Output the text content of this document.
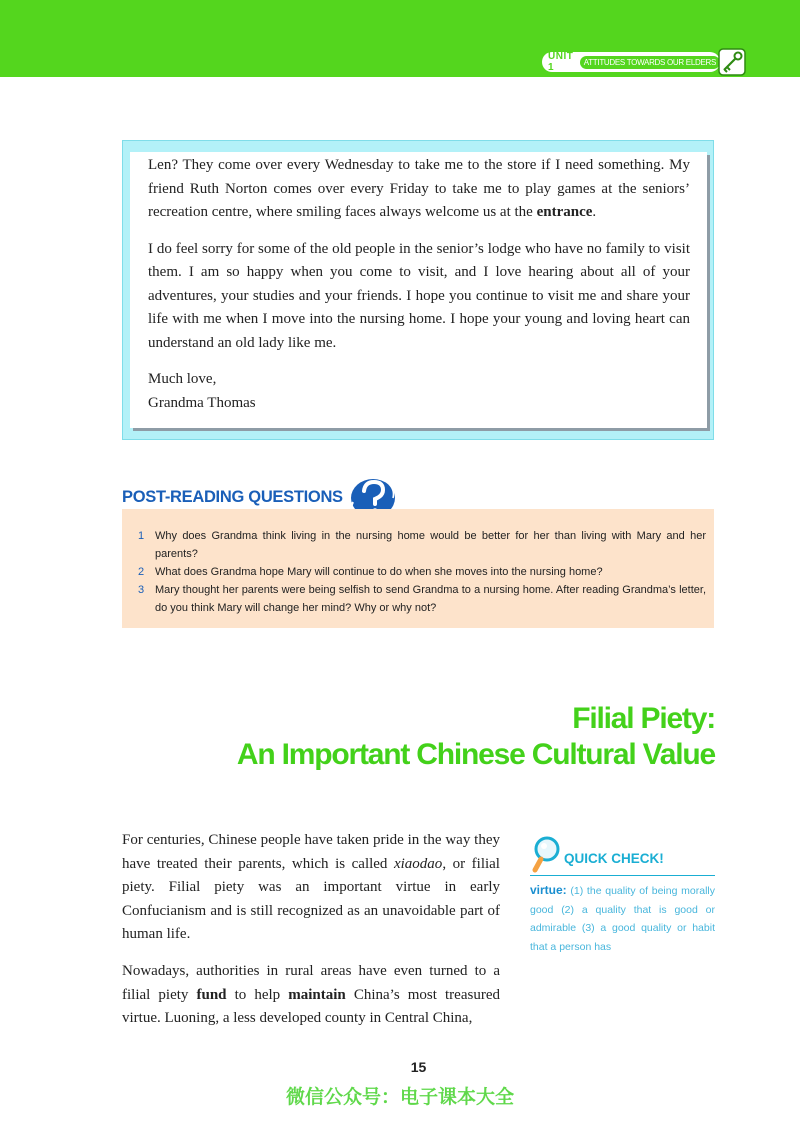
UNIT 1	ATTITUDES TOWARDS OUR ELDERS

Len? They come over every Wednesday to take me to the store if I need something. My friend Ruth Norton comes over every Friday to take me to play games at the seniors’ recreation centre, where smiling faces always welcome us at the entrance.

I do feel sorry for some of the old people in the senior’s lodge who have no family to visit them. I am so happy when you come to visit, and I love hearing about all of your adventures, your studies and your friends. I hope you continue to visit me and share your life with me when I move into the nursing home. I hope your young and loving heart can understand an old lady like me.

Much love,
Grandma Thomas
POST-READING QUESTIONS
1 Why does Grandma think living in the nursing home would be better for her than living with Mary and her parents?
2 What does Grandma hope Mary will continue to do when she moves into the nursing home?
3 Mary thought her parents were being selfish to send Grandma to a nursing home. After reading Grandma’s letter, do you think Mary will change her mind? Why or why not?
Filial Piety:
An Important Chinese Cultural Value

For centuries, Chinese people have taken pride in the way they have treated their parents, which is called xiaodao, or filial piety. Filial piety was an important virtue in early Confucianism and is still recognized as an unavoidable part of human life.

Nowadays, authorities in rural areas have even turned to a filial piety fund to help maintain China’s most treasured virtue. Luoning, a less developed county in Central China,

QUICK CHECK!
virtue: (1) the quality of being morally good (2) a quality that is good or admirable (3) a good quality or habit that a person has
15
微信公众号：电子课本大全
